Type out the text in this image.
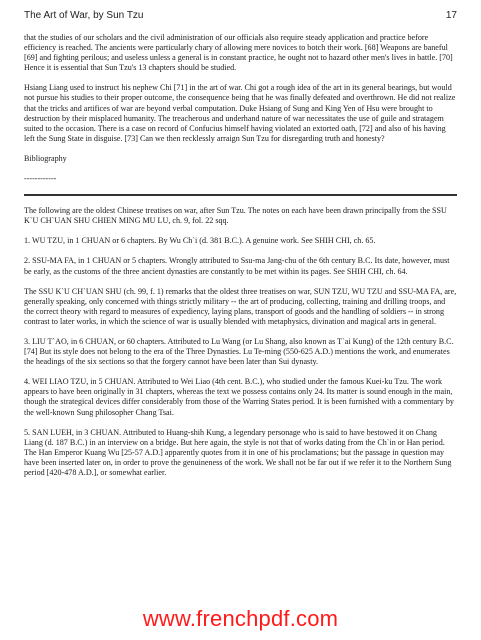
The Art of War, by Sun Tzu	17

that the studies of our scholars and the civil administration of our officials also require steady application and practice before efficiency is reached. The ancients were particularly chary of allowing mere novices to botch their work. [68] Weapons are baneful [69] and fighting perilous; and useless unless a general is in constant practice, he ought not to hazard other men's lives in battle. [70] Hence it is essential that Sun Tzu's 13 chapters should be studied.

Hsiang Liang used to instruct his nephew Chi [71] in the art of war. Chi got a rough idea of the art in its general bearings, but would not pursue his studies to their proper outcome, the consequence being that he was finally defeated and overthrown. He did not realize that the tricks and artifices of war are beyond verbal computation. Duke Hsiang of Sung and King Yen of Hsu were brought to destruction by their misplaced humanity. The treacherous and underhand nature of war necessitates the use of guile and stratagem suited to the occasion. There is a case on record of Confucius himself having violated an extorted oath, [72] and also of his having left the Sung State in disguise. [73] Can we then recklessly arraign Sun Tzu for disregarding truth and honesty?

Bibliography

------------

The following are the oldest Chinese treatises on war, after Sun Tzu. The notes on each have been drawn principally from the SSU K`U CH`UAN SHU CHIEN MING MU LU, ch. 9, fol. 22 sqq.

1. WU TZU, in 1 CHUAN or 6 chapters. By Wu Ch`i (d. 381 B.C.). A genuine work. See SHIH CHI, ch. 65.

2. SSU-MA FA, in 1 CHUAN or 5 chapters. Wrongly attributed to Ssu-ma Jang-chu of the 6th century B.C. Its date, however, must be early, as the customs of the three ancient dynasties are constantly to be met within its pages. See SHIH CHI, ch. 64.

The SSU K`U CH`UAN SHU (ch. 99, f. 1) remarks that the oldest three treatises on war, SUN TZU, WU TZU and SSU-MA FA, are, generally speaking, only concerned with things strictly military -- the art of producing, collecting, training and drilling troops, and the correct theory with regard to measures of expediency, laying plans, transport of goods and the handling of soldiers -- in strong contrast to later works, in which the science of war is usually blended with metaphysics, divination and magical arts in general.

3. LIU T`AO, in 6 CHUAN, or 60 chapters. Attributed to Lu Wang (or Lu Shang, also known as T`ai Kung) of the 12th century B.C. [74] But its style does not belong to the era of the Three Dynasties. Lu Te-ming (550-625 A.D.) mentions the work, and enumerates the headings of the six sections so that the forgery cannot have been later than Sui dynasty.

4. WEI LIAO TZU, in 5 CHUAN. Attributed to Wei Liao (4th cent. B.C.), who studied under the famous Kuei-ku Tzu. The work appears to have been originally in 31 chapters, whereas the text we possess contains only 24. Its matter is sound enough in the main, though the strategical devices differ considerably from those of the Warring States period. It is been furnished with a commentary by the well-known Sung philosopher Chang Tsai.

5. SAN LUEH, in 3 CHUAN. Attributed to Huang-shih Kung, a legendary personage who is said to have bestowed it on Chang Liang (d. 187 B.C.) in an interview on a bridge. But here again, the style is not that of works dating from the Ch`in or Han period. The Han Emperor Kuang Wu [25-57 A.D.] apparently quotes from it in one of his proclamations; but the passage in question may have been inserted later on, in order to prove the genuineness of the work. We shall not be far out if we refer it to the Northern Sung period [420-478 A.D.], or somewhat earlier.

www.frenchpdf.com
